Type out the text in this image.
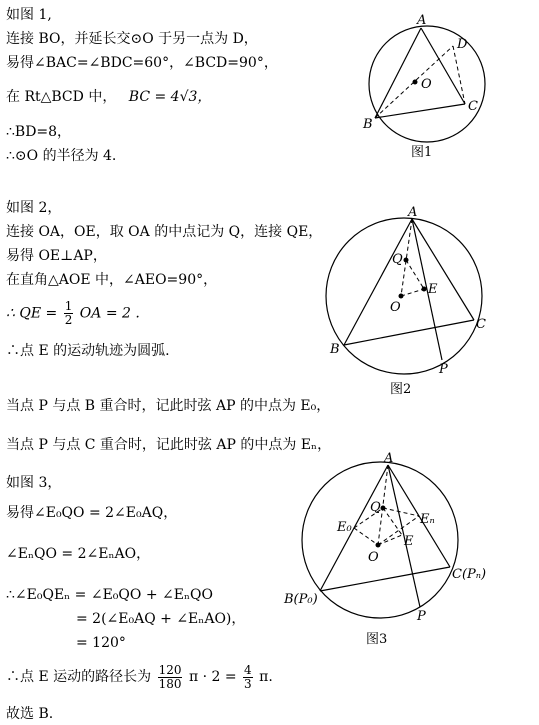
如图 1,
连接 BO，并延长交⊙O 于另一点为 D，
易得∠BAC=∠BDC=60°，∠BCD=90°，
在 Rt△BCD 中， BC = 4√3，
∴BD=8，
∴⊙O 的半径为 4.
A
D
O
C
B
图1
如图 2，
连接 OA，OE，取 OA 的中点记为 Q，连接 QE，
易得 OE⊥AP，
在直角△AOE 中，∠AEO=90°，
∴ QE = $\frac{1}{2}$ OA = 2 .
∴点 E 的运动轨迹为圆弧.
A
Q
E
O
C
B
P
图2
当点 P 与点 B 重合时，记此时弦 AP 的中点为 E₀，
当点 P 与点 C 重合时，记此时弦 AP 的中点为 Eₙ，
如图 3，
易得∠E₀QO = 2∠E₀AQ，
∠EₙQO = 2∠EₙAO，
∴∠E₀QEₙ = ∠E₀QO + ∠EₙQO
= 2(∠E₀AQ + ∠EₙAO)，
= 120°
∴点 E 运动的路径长为 $\frac{120}{180}$ $\pi \cdot 2 = \frac{4}{3} \pi$.
故选 B.
A
Q
E₀
Eₙ
E
O
C(Pₙ)
B(P₀)
P
图3
